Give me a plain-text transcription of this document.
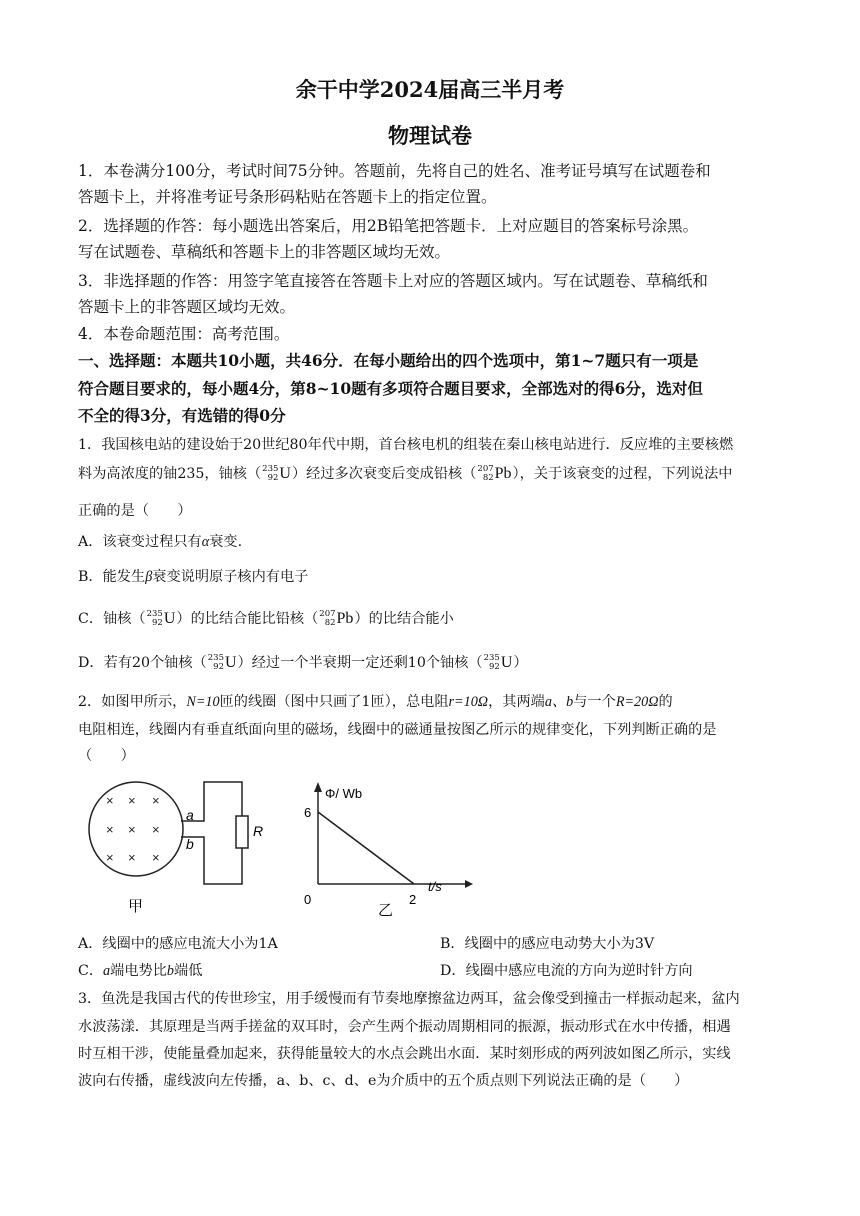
余干中学2024届高三半月考
物理试卷
1．本卷满分100分，考试时间75分钟。答题前，先将自己的姓名、准考证号填写在试题卷和
答题卡上，并将准考证号条形码粘贴在答题卡上的指定位置。
2．选择题的作答：每小题选出答案后，用2B铅笔把答题卡．上对应题目的答案标号涂黑。
写在试题卷、草稿纸和答题卡上的非答题区域均无效。
3．非选择题的作答：用签字笔直接答在答题卡上对应的答题区域内。写在试题卷、草稿纸和
答题卡上的非答题区域均无效。
4．本卷命题范围：高考范围。
一、选择题：本题共10小题，共46分．在每小题给出的四个选项中，第1~7题只有一项是
符合题目要求的，每小题4分，第8~10题有多项符合题目要求，全部选对的得6分，选对但
不全的得3分，有选错的得0分
1．我国核电站的建设始于20世纪80年代中期，首台核电机的组装在秦山核电站进行．反应堆的主要核燃
料为高浓度的铀235，铀核（ 235
92 U ）经过多次衰变后变成铅核（ 207
82 Pb ），关于该衰变的过程，下列说法中
正确的是（　　）
A．该衰变过程只有α衰变.
B．能发生β衰变说明原子核内有电子
C．铀核（ 235
92 U ）的比结合能比铅核（ 207
82 Pb ）的比结合能小
D．若有20个铀核（ 235
92 U ）经过一个半衰期一定还剩10个铀核（ 235
92 U ）
2．如图甲所示，N=10匝的线圈（图中只画了1匝），总电阻r=10Ω，其两端a、b与一个R=20Ω的
电阻相连，线圈内有垂直纸面向里的磁场，线圈中的磁通量按图乙所示的规律变化，下列判断正确的是
（　　）
× × ×
× × ×
× × ×
a
b
R
甲
Φ/ Wb
t/s
0	2
6
乙
A．线圈中的感应电流大小为1A	B．线圈中的感应电动势大小为3V
C．a端电势比b端低	D．线圈中感应电流的方向为逆时针方向
3．鱼洗是我国古代的传世珍宝，用手缓慢而有节奏地摩擦盆边两耳，盆会像受到撞击一样振动起来，盆内
水波荡漾．其原理是当两手搓盆的双耳时，会产生两个振动周期相同的振源，振动形式在水中传播，相遇
时互相干涉，使能量叠加起来，获得能量较大的水点会跳出水面．某时刻形成的两列波如图乙所示，实线
波向右传播，虚线波向左传播，a、b、c、d、e为介质中的五个质点则下列说法正确的是（　　）
